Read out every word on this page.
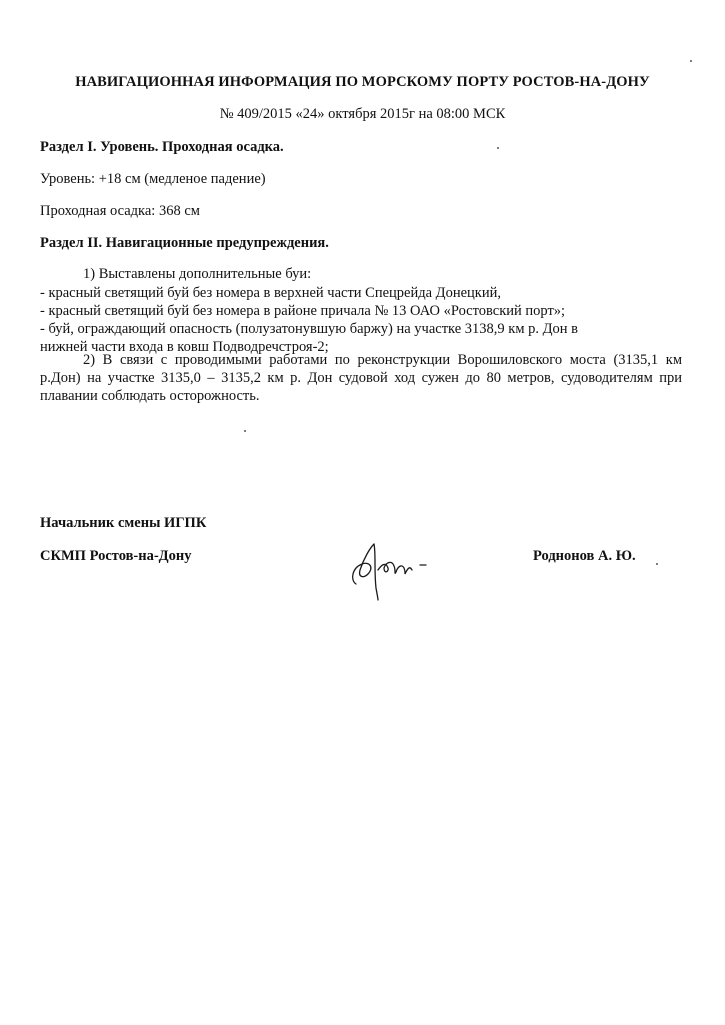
НАВИГАЦИОННАЯ ИНФОРМАЦИЯ ПО МОРСКОМУ ПОРТУ РОСТОВ-НА-ДОНУ
№ 409/2015 «24» октября 2015г на 08:00 МСК
Раздел I. Уровень. Проходная осадка.
Уровень: +18 см (медленое падение)
Проходная осадка: 368 см
Раздел II. Навигационные предупреждения.
1) Выставлены дополнительные буи:
- красный светящий буй без номера в верхней части Спецрейда Донецкий,
- красный светящий буй без номера в районе причала № 13 ОАО «Ростовский порт»;
- буй, ограждающий опасность (полузатонувшую баржу) на участке 3138,9 км р. Дон в
нижней части входа в ковш Подводречстроя-2;
2) В связи с проводимыми работами по реконструкции Ворошиловского моста (3135,1 км
р.Дон) на участке 3135,0 – 3135,2 км р. Дон судовой ход сужен до 80 метров, судоводителям при
плавании соблюдать осторожность.
Начальник смены ИГПК
СКМП Ростов-на-Дону	Роднонов А. Ю.
